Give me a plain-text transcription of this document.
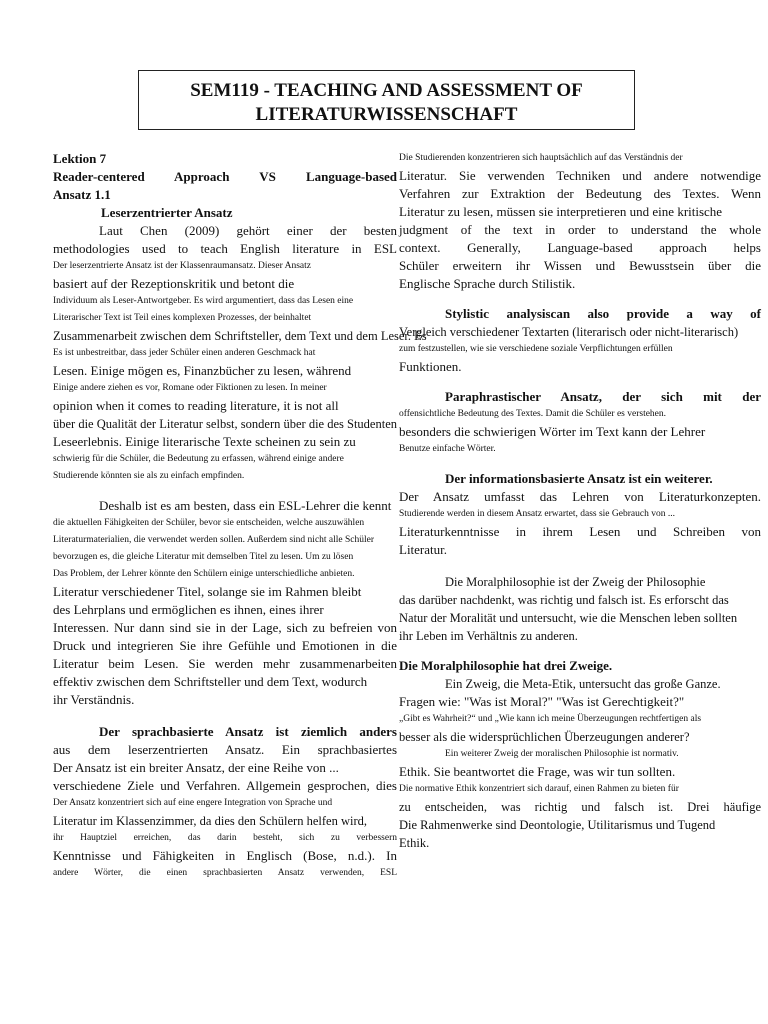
SEM119 - TEACHING AND ASSESSMENT OF
LITERATURWISSENSCHAFT
Lektion 7
Reader-centered Approach VS Language-based
Ansatz 1.1
Leserzentrierter Ansatz
Laut Chen (2009) gehört einer der besten
methodologies used to teach English literature in ESL
Der leserzentrierte Ansatz ist der Klassenraumansatz. Dieser Ansatz
basiert auf der Rezeptionskritik und betont die
Individuum als Leser-Antwortgeber. Es wird argumentiert, dass das Lesen eine
Literarischer Text ist Teil eines komplexen Prozesses, der beinhaltet
Zusammenarbeit zwischen dem Schriftsteller, dem Text und dem Leser. Es
Es ist unbestreitbar, dass jeder Schüler einen anderen Geschmack hat
Lesen. Einige mögen es, Finanzbücher zu lesen, während
Einige andere ziehen es vor, Romane oder Fiktionen zu lesen. In meiner
opinion when it comes to reading literature, it is not all
über die Qualität der Literatur selbst, sondern über die des Studenten
Leseerlebnis. Einige literarische Texte scheinen zu sein zu
schwierig für die Schüler, die Bedeutung zu erfassen, während einige andere
Studierende könnten sie als zu einfach empfinden.
Deshalb ist es am besten, dass ein ESL-Lehrer die kennt
die aktuellen Fähigkeiten der Schüler, bevor sie entscheiden, welche auszuwählen
Literaturmaterialien, die verwendet werden sollen. Außerdem sind nicht alle Schüler
bevorzugen es, die gleiche Literatur mit demselben Titel zu lesen. Um zu lösen
Das Problem, der Lehrer könnte den Schülern einige unterschiedliche anbieten.
Literatur verschiedener Titel, solange sie im Rahmen bleibt
des Lehrplans und ermöglichen es ihnen, eines ihrer
Interessen. Nur dann sind sie in der Lage, sich zu befreien von
Druck und integrieren Sie ihre Gefühle und Emotionen in die
Literatur beim Lesen. Sie werden mehr zusammenarbeiten
effektiv zwischen dem Schriftsteller und dem Text, wodurch
ihr Verständnis.
Der sprachbasierte Ansatz ist ziemlich anders
aus dem leserzentrierten Ansatz. Ein sprachbasiertes
Der Ansatz ist ein breiter Ansatz, der eine Reihe von ...
verschiedene Ziele und Verfahren. Allgemein gesprochen, dies
Der Ansatz konzentriert sich auf eine engere Integration von Sprache und
Literatur im Klassenzimmer, da dies den Schülern helfen wird,
ihr Hauptziel erreichen, das darin besteht, sich zu verbessern
Kenntnisse und Fähigkeiten in Englisch (Bose, n.d.). In
andere Wörter, die einen sprachbasierten Ansatz verwenden, ESL
Die Studierenden konzentrieren sich hauptsächlich auf das Verständnis der
Literatur. Sie verwenden Techniken und andere notwendige
Verfahren zur Extraktion der Bedeutung des Textes. Wenn
Literatur zu lesen, müssen sie interpretieren und eine kritische
judgment of the text in order to understand the whole
context. Generally, Language-based approach helps
Schüler erweitern ihr Wissen und Bewusstsein über die
Englische Sprache durch Stilistik.
Stylistic analysiscan also provide a way of
Vergleich verschiedener Textarten (literarisch oder nicht-literarisch)
zum festzustellen, wie sie verschiedene soziale Verpflichtungen erfüllen
Funktionen.
Paraphrastischer Ansatz, der sich mit der
offensichtliche Bedeutung des Textes. Damit die Schüler es verstehen.
besonders die schwierigen Wörter im Text kann der Lehrer
Benutze einfache Wörter.
Der informationsbasierte Ansatz ist ein weiterer.
Der Ansatz umfasst das Lehren von Literaturkonzepten.
Studierende werden in diesem Ansatz erwartet, dass sie Gebrauch von ...
Literaturkenntnisse in ihrem Lesen und Schreiben von
Literatur.
Die Moralphilosophie ist der Zweig der Philosophie
das darüber nachdenkt, was richtig und falsch ist. Es erforscht das
Natur der Moralität und untersucht, wie die Menschen leben sollten
ihr Leben im Verhältnis zu anderen.
Die Moralphilosophie hat drei Zweige.
Ein Zweig, die Meta-Etik, untersucht das große Ganze.
Fragen wie: "Was ist Moral?" "Was ist Gerechtigkeit?"
„Gibt es Wahrheit?“ und „Wie kann ich meine Überzeugungen rechtfertigen als
besser als die widersprüchlichen Überzeugungen anderer?
Ein weiterer Zweig der moralischen Philosophie ist normativ.
Ethik. Sie beantwortet die Frage, was wir tun sollten.
Die normative Ethik konzentriert sich darauf, einen Rahmen zu bieten für
zu entscheiden, was richtig und falsch ist. Drei häufige
Die Rahmenwerke sind Deontologie, Utilitarismus und Tugend
Ethik.
